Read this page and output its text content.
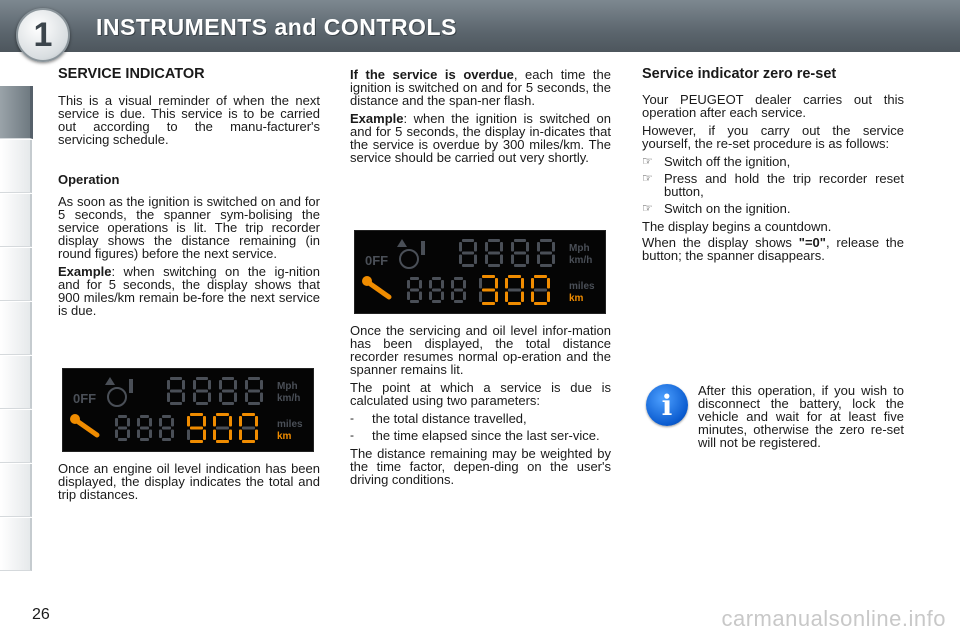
1	INSTRUMENTS and CONTROLS
SERVICE INDICATOR

This is a visual reminder of when the next service is due. This service is to be carried out according to the manu-facturer's servicing schedule.

Operation

As soon as the ignition is switched on and for 5 seconds, the spanner sym-bolising the service operations is lit. The trip recorder display shows the distance remaining (in round figures) before the next service.

Example: when switching on the ig-nition and for 5 seconds, the display shows that 900 miles/km remain be-fore the next service is due.

0FF
Mph
km/h
miles
km

Once an engine oil level indication has been displayed, the display indicates the total and trip distances.

If the service is overdue, each time the ignition is switched on and for 5 seconds, the distance and the span-ner flash.

Example: when the ignition is switched on and for 5 seconds, the display in-dicates that the service is overdue by 300 miles/km. The service should be carried out very shortly.

0FF
Mph
km/h
miles
km

Once the servicing and oil level infor-mation has been displayed, the total distance recorder resumes normal op-eration and the spanner remains lit.

The point at which a service is due is calculated using two parameters:

-	the total distance travelled,
-	the time elapsed since the last ser-vice.

The distance remaining may be weighted by the time factor, depen-ding on the user's driving conditions.

Service indicator zero re-set

Your PEUGEOT dealer carries out this operation after each service.

However, if you carry out the service yourself, the re-set procedure is as follows:

☞ Switch off the ignition,
☞ Press and hold the trip recorder reset button,
☞ Switch on the ignition.

The display begins a countdown.

When the display shows "=0", release the button; the spanner disappears.

i	After this operation, if you wish to disconnect the battery, lock the vehicle and wait for at least five minutes, otherwise the zero re-set will not be registered.

26	carmanualsonline.info
